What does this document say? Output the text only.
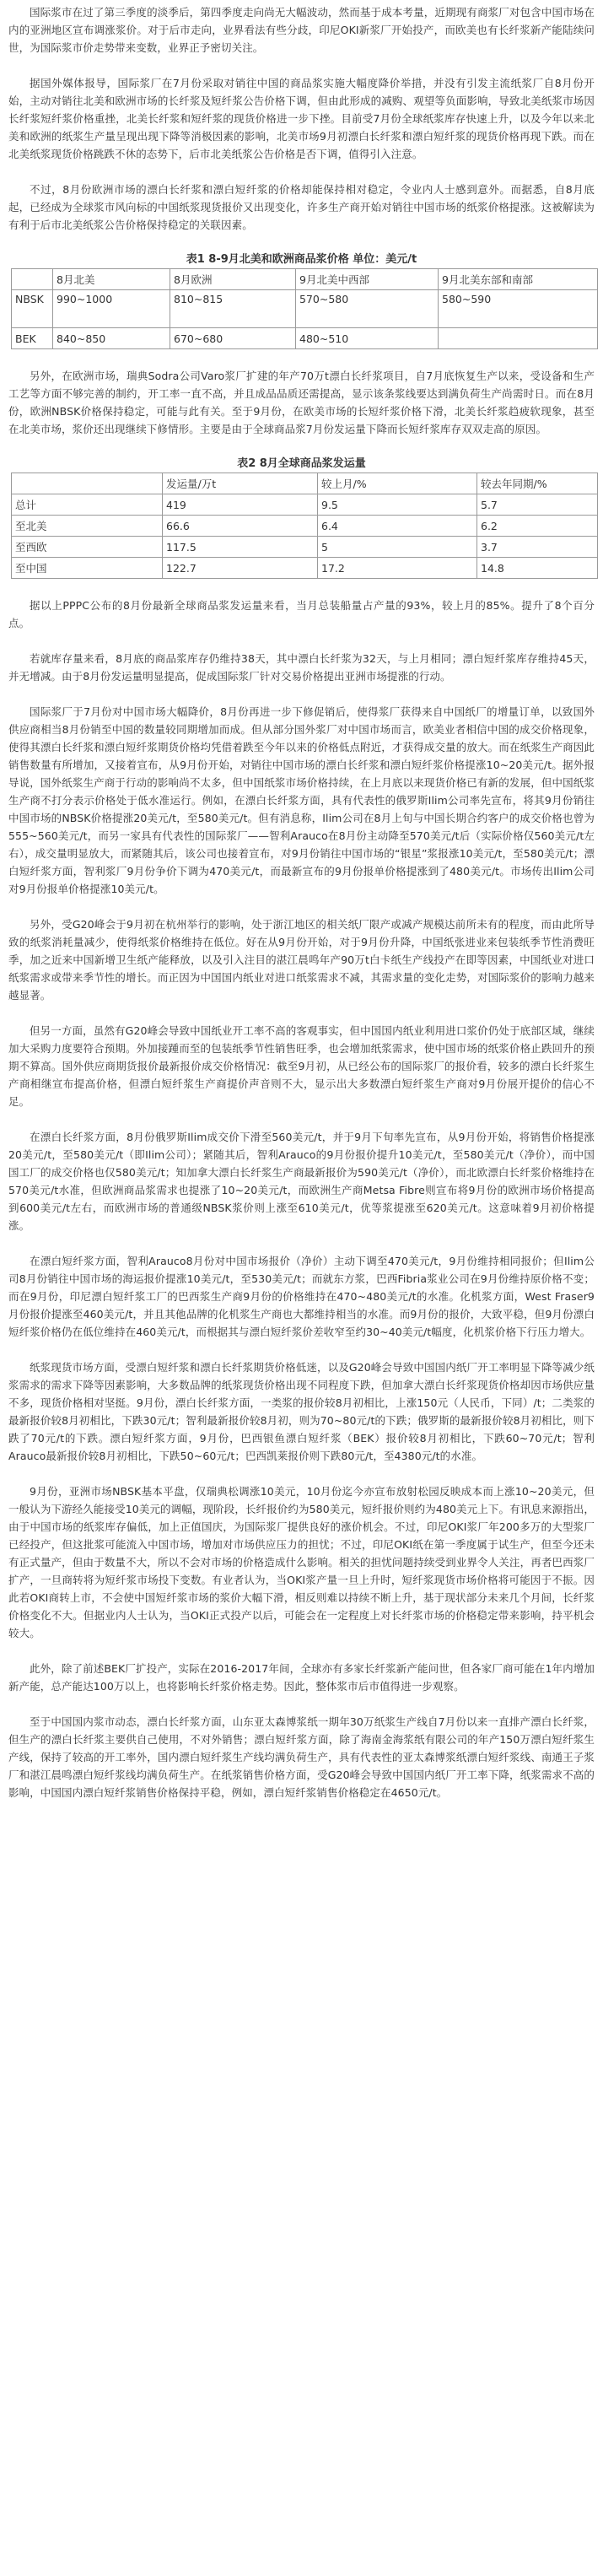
国际浆市在过了第三季度的淡季后，第四季度走向尚无大幅波动，然而基于成本考量，近期现有商浆厂对包含中国市场在内的亚洲地区宣布调涨浆价。对于后市走向，业界看法有些分歧，印尼OKI新浆厂开始投产，而欧美也有长纤浆新产能陆续问世，为国际浆市价走势带来变数，业界正予密切关注。

据国外媒体报导，国际浆厂在7月份采取对销往中国的商品浆实施大幅度降价举措，并没有引发主流纸浆厂自8月份开始，主动对销往北美和欧洲市场的长纤浆及短纤浆公告价格下调，但由此形成的减购、观望等负面影响，导致北美纸浆市场因长纤浆短纤浆价格重挫，北美长纤浆和短纤浆的现货价格进一步下挫。目前受7月份全球纸浆库存快速上升，以及今年以来北美和欧洲的纸浆生产量呈现出现下降等消极因素的影响，北美市场9月初漂白长纤浆和漂白短纤浆的现货价格再现下跌。而在北美纸浆现货价格跳跌不休的态势下，后市北美纸浆公告价格是否下调，值得引入注意。

不过，8月份欧洲市场的漂白长纤浆和漂白短纤浆的价格却能保持相对稳定，令业内人士感到意外。而据悉，自8月底起，已经成为全球浆市风向标的中国纸浆现货报价又出现变化，许多生产商开始对销往中国市场的纸浆价格提涨。这被解读为有利于后市北美纸浆公告价格保持稳定的关联因素。

表1 8-9月北美和欧洲商品浆价格 单位：美元/t

	8月北美	8月欧洲	9月北美中西部	9月北美东部和南部
NBSK	990~1000	810~815	570~580	580~590
BEK	840~850	670~680	480~510	

另外，在欧洲市场，瑞典Sodra公司Varo浆厂扩建的年产70万t漂白长纤浆项目，自7月底恢复生产以来，受设备和生产工艺等方面不够完善的制约，开工率一直不高，并且成品品质还需提高，显示该条浆线要达到满负荷生产尚需时日。而在8月份，欧洲NBSK价格保持稳定，可能与此有关。至于9月份，在欧美市场的长短纤浆价格下滑，北美长纤浆趋疲软现象，甚至在北美市场，浆价还出现继续下修情形。主要是由于全球商品浆7月份发运量下降而长短纤浆库存双双走高的原因。

表2 8月全球商品浆发运量

	发运量/万t	较上月/%	较去年同期/%
总计	419	9.5	5.7
至北美	66.6	6.4	6.2
至西欧	117.5	5	3.7
至中国	122.7	17.2	14.8

据以上PPPC公布的8月份最新全球商品浆发运量来看，当月总装船量占产量的93%，较上月的85%。提升了8个百分点。

若就库存量来看，8月底的商品浆库存仍维持38天，其中漂白长纤浆为32天，与上月相同；漂白短纤浆库存维持45天，并无增减。由于8月份发运量明显提高，促成国际浆厂针对交易价格提出亚洲市场提涨的行动。

国际浆厂于7月份对中国市场大幅降价，8月份再进一步下修促销后，使得浆厂获得来自中国纸厂的增量订单，以致国外供应商相当8月份销至中国的数量较同期增加而成。但从部分国外浆厂对中国市场而言，欧美业者相信中国的成交价格现象，使得其漂白长纤浆和漂白短纤浆期货价格均凭借着跌至今年以来的价格低点附近，才获得成交量的放大。而在纸浆生产商因此销售数量有所增加，又接着宣布，从9月份开始，对销往中国市场的漂白长纤浆和漂白短纤浆价格提涨10~20美元/t。据外报导说，国外纸浆生产商于行动的影响尚不太多，但中国纸浆市场价格持续，在上月底以来现货价格已有新的发展，但中国纸浆生产商不打分表示价格处于低水准运行。例如，在漂白长纤浆方面，具有代表性的俄罗斯Ilim公司率先宣布，将其9月份销往中国市场的NBSK价格提涨20美元/t，至580美元/t。但有消息称，Ilim公司在8月上旬与中国长期合约客户的成交价格也曾为555~560美元/t，而另一家具有代表性的国际浆厂——智利Arauco在8月份主动降至570美元/t后（实际价格仅560美元/t左右），成交量明显放大，而紧随其后，该公司也接着宣布，对9月份销往中国市场的“银星”浆报涨10美元/t，至580美元/t；漂白短纤浆方面，智利浆厂9月份争价下调为470美元/t，而最新宣布的9月份报单价格提涨到了480美元/t。市场传出Ilim公司对9月份报单价格提涨10美元/t。

另外，受G20峰会于9月初在杭州举行的影响，处于浙江地区的相关纸厂限产或减产规模达前所未有的程度，而由此所导致的纸浆消耗量减少，使得纸浆价格维持在低位。好在从9月份开始，对于9月份升降，中国纸张进业来包装纸季节性消费旺季，加之近来中国新增卫生纸产能释放，以及引入注目的湛江晨鸣年产90万t白卡纸生产线投产在即等因素，中国纸业对进口纸浆需求或带来季节性的增长。而正因为中国国内纸业对进口纸浆需求不减，其需求量的变化走势，对国际浆价的影响力越来越显著。

但另一方面，虽然有G20峰会导致中国纸业开工率不高的客观事实，但中国国内纸业利用进口浆价仍处于底部区域，继续加大采购力度要符合预期。外加接踵而至的包装纸季节性销售旺季，也会增加纸浆需求，使中国市场的纸浆价格止跌回升的预期不算高。国外供应商期货报价最新报价成交价格情况：截至9月初，从已经公布的国际浆厂的报价看，较多的漂白长纤浆生产商相继宣布提高价格，但漂白短纤浆生产商提价声音则不大，显示出大多数漂白短纤浆生产商对9月份展开提价的信心不足。

在漂白长纤浆方面，8月份俄罗斯Ilim成交价下滑至560美元/t，并于9月下旬率先宣布，从9月份开始，将销售价格提涨20美元/t，至580美元/t（即Ilim公司）；紧随其后，智利Arauco的9月份报价提升10美元/t，至580美元/t（净价），而中国国工厂的成交价格也仅580美元/t；知加拿大漂白长纤浆生产商最新报价为590美元/t（净价），而北欧漂白长纤浆价格维持在570美元/t水准，但欧洲商品浆需求也提涨了10~20美元/t，而欧洲生产商Metsa Fibre则宣布将9月份的欧洲市场价格提高到600美元/t左右，而欧洲市场的普通级NBSK浆价则上涨至610美元/t，优等浆提涨至620美元/t。这意味着9月初价格提涨。

在漂白短纤浆方面，智利Arauco8月份对中国市场报价（净价）主动下调至470美元/t，9月份维持相同报价；但Ilim公司8月份销往中国市场的海运报价提涨10美元/t，至530美元/t；而就东方浆，巴西Fibria浆业公司在9月份维持原价格不变；而在9月份，印尼漂白短纤浆工厂的巴西浆生产商9月份的价格维持在470~480美元/t的水准。化机浆方面，West Fraser9月份报价提涨至460美元/t，并且其他品牌的化机浆生产商也大都维持相当的水准。而9月份的报价，大致平稳，但9月份漂白短纤浆价格仍在低位维持在460美元/t，而根据其与漂白短纤浆价差收窄至约30~40美元/t幅度，化机浆价格下行压力增大。

纸浆现货市场方面，受漂白短纤浆和漂白长纤浆期货价格低迷，以及G20峰会导致中国国内纸厂开工率明显下降等减少纸浆需求的需求下降等因素影响，大多数品牌的纸浆现货价格出现不同程度下跌，但加拿大漂白长纤浆现货价格却因市场供应量不多，现货价格相对坚挺。9月份，漂白长纤浆方面，一类浆的报价较8月初相比，上涨150元（人民币，下同）/t；二类浆的最新报价较8月初相比，下跌30元/t；智利最新报价较8月初，则为70~80元/t的下跌；俄罗斯的最新报价较8月初相比，则下跌了70元/t的下跌。漂白短纤浆方面，9月份，巴西银鱼漂白短纤浆（BEK）报价较8月初相比，下跌60~70元/t；智利Arauco最新报价较8月初相比，下跌50~60元/t；巴西凯莱报价则下跌80元/t，至4380元/t的水准。

9月份，亚洲市场NBSK基本平盘，仅瑞典松调涨10美元，10月份迄今亦宣布放射松园反映成本而上涨10~20美元，但一般认为下游经久能接受10美元的调幅，现阶段，长纤报价约为580美元，短纤报价则约为480美元上下。有讯息来源指出，由于中国市场的纸浆库存偏低，加上正值国庆，为国际浆厂提供良好的涨价机会。不过，印尼OKI浆厂年200多万的大型浆厂已经投产，但这批浆可能流入中国市场，增加对市场供应压力的担忧；不过，印尼OKI纸在第一季度属于试生产，但至今还未有正式量产，但由于数量不大，所以不会对市场的价格造成什么影响。相关的担忧问题持续受到业界令人关注，再者巴西浆厂扩产，一旦商转将为短纤浆市场投下变数。有业者认为，当OKI浆产量一旦上升时，短纤浆现货市场价格将可能因于不振。因此若OKI商转上市，不会使中国短纤浆市场的浆价大幅下滑，相反则难以持续不断上升，基于现状部分未来几个月间，长纤浆价格变化不大。但据业内人士认为，当OKI正式投产以后，可能会在一定程度上对长纤浆市场的价格稳定带来影响，持平机会较大。

此外，除了前述BEK厂扩投产，实际在2016-2017年间，全球亦有多家长纤浆新产能问世，但各家厂商可能在1年内增加新产能，总产能达100万以上，也将影响长纤浆价格走势。因此，整体浆市后市值得进一步观察。

至于中国国内浆市动态，漂白长纤浆方面，山东亚太森博浆纸一期年30万纸浆生产线自7月份以来一直排产漂白长纤浆，但生产的漂白长纤浆主要供自己使用，不对外销售；漂白短纤浆方面，除了海南金海浆纸有限公司的年产150万漂白短纤浆生产线，保持了较高的开工率外，国内漂白短纤浆生产线均满负荷生产，具有代表性的亚太森博浆纸漂白短纤浆线、南通王子浆厂和湛江晨鸣漂白短纤浆线均满负荷生产。在纸浆销售价格方面，受G20峰会导致中国国内纸厂开工率下降，纸浆需求不高的影响，中国国内漂白短纤浆销售价格保持平稳，例如，漂白短纤浆销售价格稳定在4650元/t。
